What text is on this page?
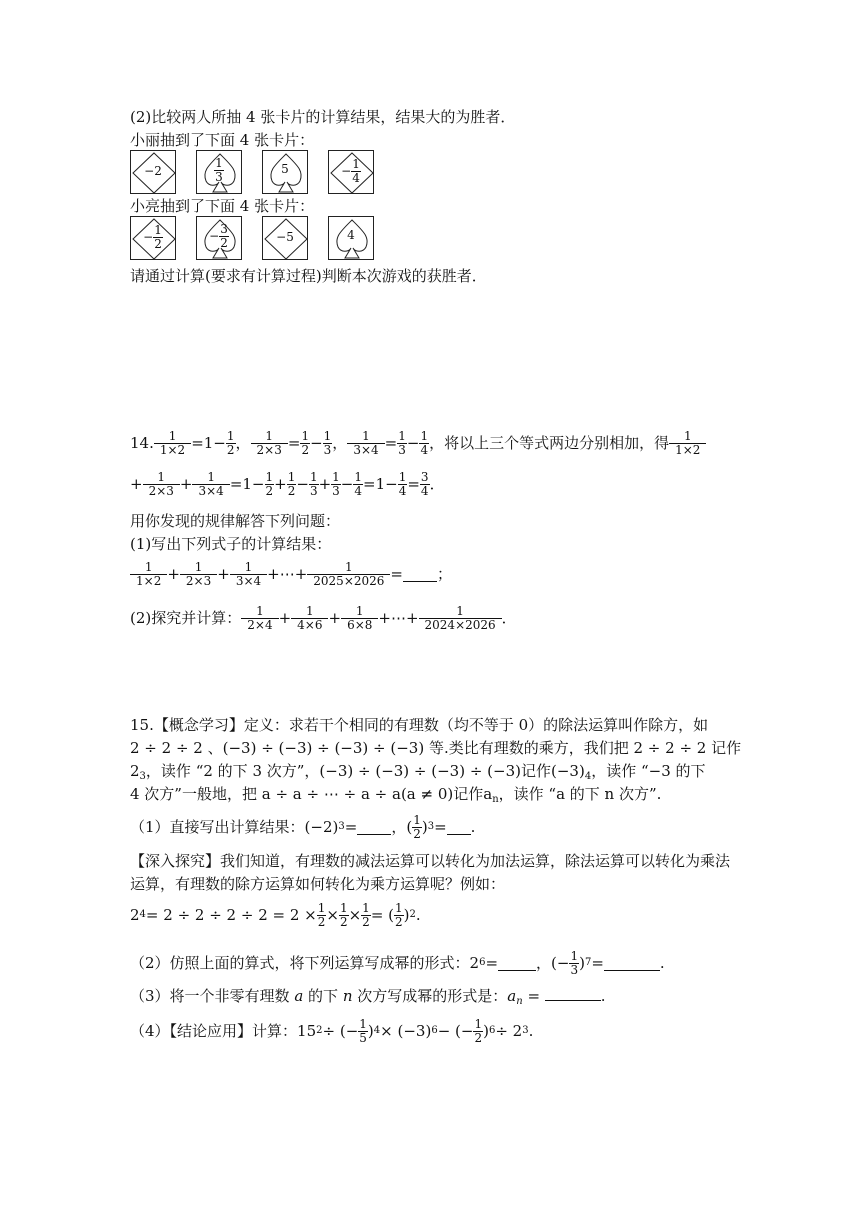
(2)比较两人所抽 4 张卡片的计算结果，结果大的为胜者．
小丽抽到了下面 4 张卡片：
−2	$\frac{1}{3}$	5	− $\frac{1}{4}$
小亮抽到了下面 4 张卡片：
− $\frac{1}{2}$	− $\frac{3}{2}$	−5	4
请通过计算(要求有计算过程)判断本次游戏的获胜者．
14. $\frac{1}{1\times 2} =1- \frac{1}{2}$ ， $\frac{1}{2\times 3} = \frac{1}{2} - \frac{1}{3}$ ， $\frac{1}{3\times 4} = \frac{1}{3} - \frac{1}{4}$ ，将以上三个等式两边分别相加，得 $\frac{1}{1\times 2}$
+ $\frac{1}{2\times 3} + \frac{1}{3\times 4} =1- \frac{1}{2} + \frac{1}{2} - \frac{1}{3} + \frac{1}{3} - \frac{1}{4} =1- \frac{1}{4} = \frac{3}{4}$ ．
用你发现的规律解答下列问题：
(1)写出下列式子的计算结果：
$\frac{1}{1\times 2} + \frac{1}{2\times 3} + \frac{1}{3\times 4}$ +⋯+ $\frac{1}{2025\times 2026}$ = ；
(2)探究并计算： $\frac{1}{2\times 4} + \frac{1}{4\times 6} + \frac{1}{6\times 8}$ +⋯+ $\frac{1}{2024\times 2026}$ ．
15.【概念学习】定义：求若干个相同的有理数（均不等于 0）的除法运算叫作除方，如
2 ÷ 2 ÷ 2 、(−3) ÷ (−3) ÷ (−3) ÷ (−3) 等.类比有理数的乘方，我们把 2 ÷ 2 ÷ 2 记作
$2_3$，读作 “2 的下 3 次方”，(−3) ÷ (−3) ÷ (−3) ÷ (−3)记作$(-3)_4$，读作 “−3 的下
4 次方”一般地，把 a ÷ a ÷ ⋯ ÷ a ÷ a(a ≠ 0)记作$a_n$，读作 “a 的下 n 次方”.
（1）直接写出计算结果：(−2) 3 = ，( $\frac{1}{2}$ ) 3 = .
【深入探究】我们知道，有理数的减法运算可以转化为加法运算，除法运算可以转化为乘法
运算，有理数的除方运算如何转化为乘方运算呢？例如：
2 $4 = 2 \div 2 \div 2 \div 2 = 2 \times \frac{1}{2} \times \frac{1}{2} \times \frac{1}{2}$ = ( $\frac{1}{2}$ ) 2 .
（2）仿照上面的算式，将下列运算写成幂的形式：2 6 =	，(− $\frac{1}{3}$ ) 7 =	.
（3）将一个非零有理数 a 的下 n 次方写成幂的形式是：$a_n$ =	.
（4）【结论应用】计算：15 2 ÷ (− $\frac{1}{5}$ ) 4 × (−3) 6 − (− $\frac{1}{2}$ ) 6 ÷ 2 3 .
